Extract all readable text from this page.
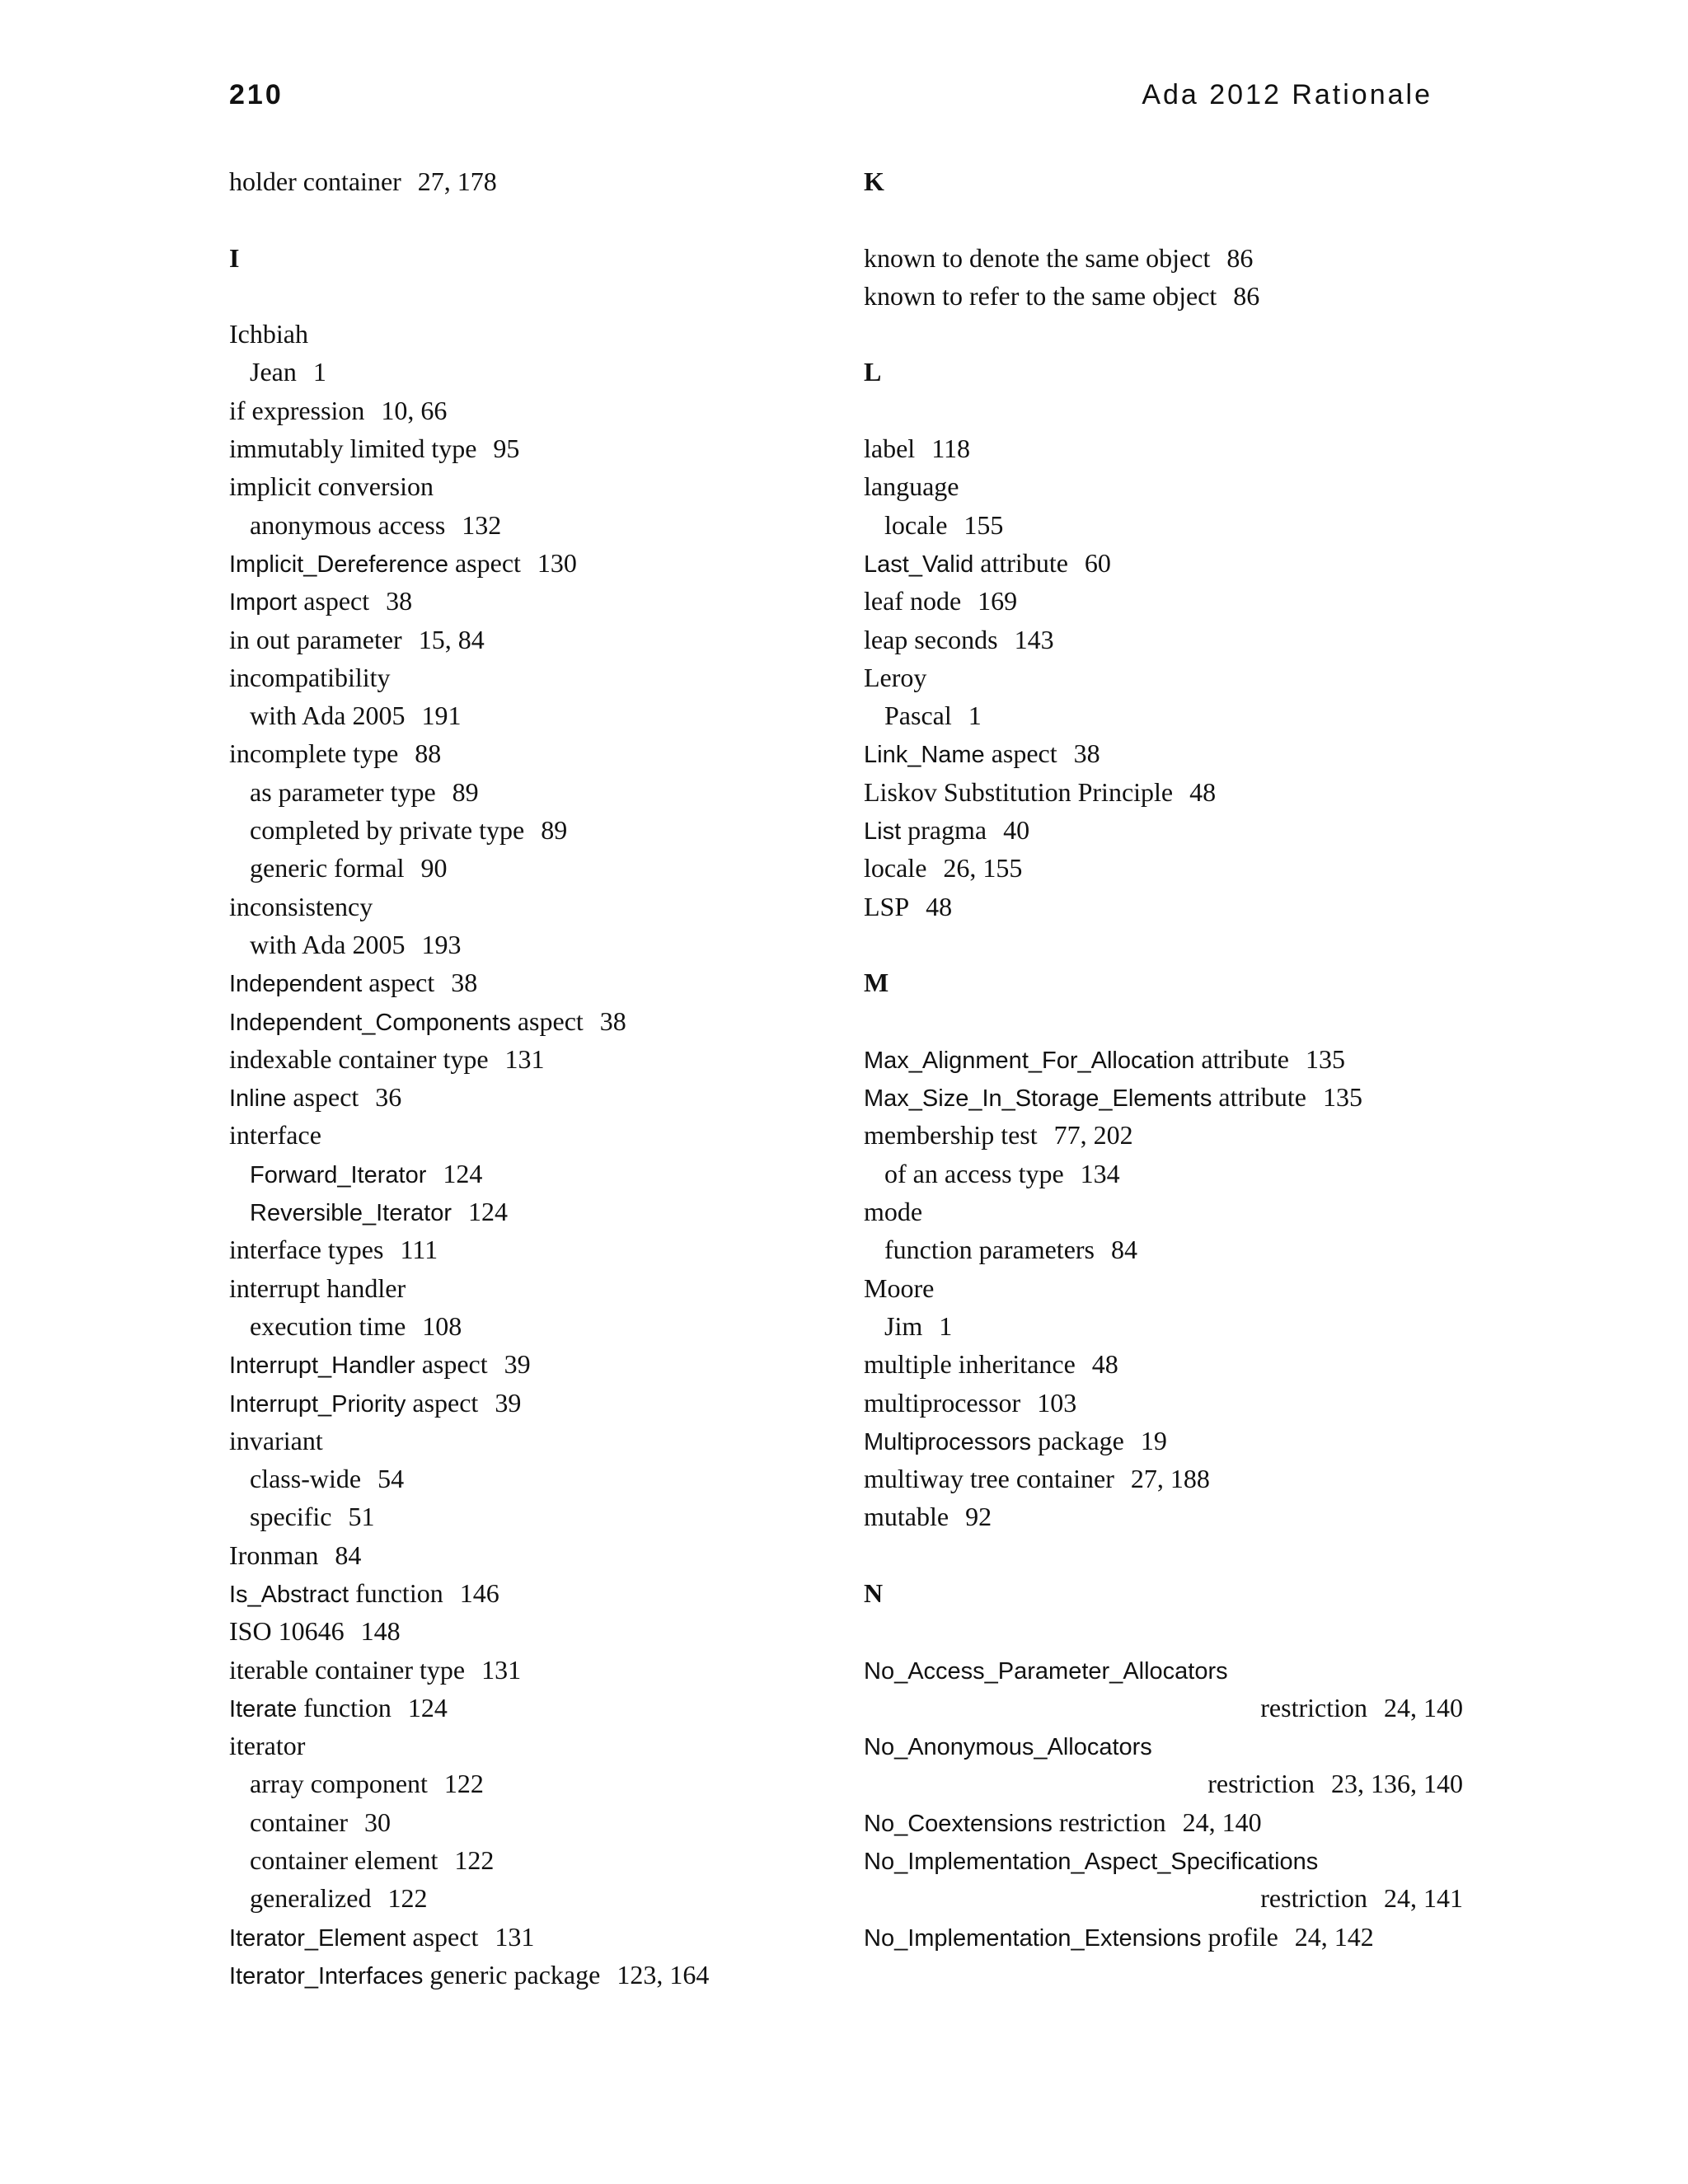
210	Ada 2012 Rationale
holder container 27, 178
I
Ichbiah
Jean 1
if expression 10, 66
immutably limited type 95
implicit conversion
anonymous access 132
Implicit_Dereference aspect 130
Import aspect 38
in out parameter 15, 84
incompatibility
with Ada 2005 191
incomplete type 88
as parameter type 89
completed by private type 89
generic formal 90
inconsistency
with Ada 2005 193
Independent aspect 38
Independent_Components aspect 38
indexable container type 131
Inline aspect 36
interface
Forward_Iterator 124
Reversible_Iterator 124
interface types 111
interrupt handler
execution time 108
Interrupt_Handler aspect 39
Interrupt_Priority aspect 39
invariant
class-wide 54
specific 51
Ironman 84
Is_Abstract function 146
ISO 10646 148
iterable container type 131
Iterate function 124
iterator
array component 122
container 30
container element 122
generalized 122
Iterator_Element aspect 131
Iterator_Interfaces generic package 123, 164
K
known to denote the same object 86
known to refer to the same object 86
L
label 118
language
locale 155
Last_Valid attribute 60
leaf node 169
leap seconds 143
Leroy
Pascal 1
Link_Name aspect 38
Liskov Substitution Principle 48
List pragma 40
locale 26, 155
LSP 48
M
Max_Alignment_For_Allocation attribute 135
Max_Size_In_Storage_Elements attribute 135
membership test 77, 202
of an access type 134
mode
function parameters 84
Moore
Jim 1
multiple inheritance 48
multiprocessor 103
Multiprocessors package 19
multiway tree container 27, 188
mutable 92
N
No_Access_Parameter_Allocators
restriction 24, 140
No_Anonymous_Allocators
restriction 23, 136, 140
No_Coextensions restriction 24, 140
No_Implementation_Aspect_Specifications
restriction 24, 141
No_Implementation_Extensions profile 24, 142
